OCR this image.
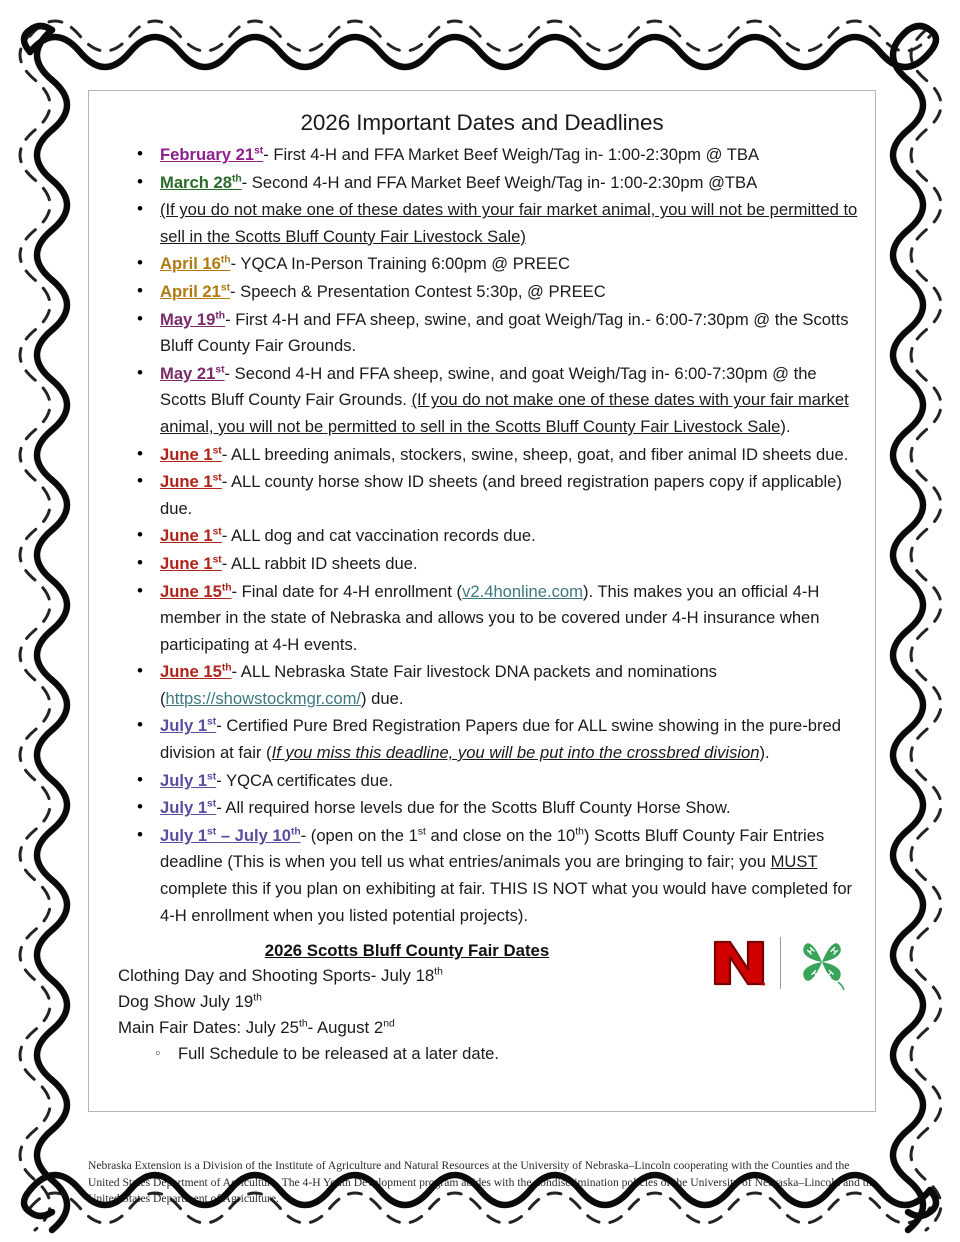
2026 Important Dates and Deadlines
• February 21st- First 4-H and FFA Market Beef Weigh/Tag in- 1:00-2:30pm @ TBA
• March 28th- Second 4-H and FFA Market Beef Weigh/Tag in- 1:00-2:30pm @TBA
• (If you do not make one of these dates with your fair market animal, you will not be permitted to sell in the Scotts Bluff County Fair Livestock Sale)
• April 16th- YQCA In-Person Training 6:00pm @ PREEC
• April 21st- Speech & Presentation Contest 5:30p, @ PREEC
• May 19th- First 4-H and FFA sheep, swine, and goat Weigh/Tag in.- 6:00-7:30pm @ the Scotts Bluff County Fair Grounds.
• May 21st- Second 4-H and FFA sheep, swine, and goat Weigh/Tag in- 6:00-7:30pm @ the Scotts Bluff County Fair Grounds. (If you do not make one of these dates with your fair market animal, you will not be permitted to sell in the Scotts Bluff County Fair Livestock Sale).
• June 1st- ALL breeding animals, stockers, swine, sheep, goat, and fiber animal ID sheets due.
• June 1st- ALL county horse show ID sheets (and breed registration papers copy if applicable) due.
• June 1st- ALL dog and cat vaccination records due.
• June 1st- ALL rabbit ID sheets due.
• June 15th- Final date for 4-H enrollment (v2.4honline.com). This makes you an official 4-H member in the state of Nebraska and allows you to be covered under 4-H insurance when participating at 4-H events.
• June 15th- ALL Nebraska State Fair livestock DNA packets and nominations (https://showstockmgr.com/) due.
• July 1st- Certified Pure Bred Registration Papers due for ALL swine showing in the pure-bred division at fair (If you miss this deadline, you will be put into the crossbred division).
• July 1st- YQCA certificates due.
• July 1st- All required horse levels due for the Scotts Bluff County Horse Show.
• July 1st – July 10th- (open on the 1st and close on the 10th) Scotts Bluff County Fair Entries deadline (This is when you tell us what entries/animals you are bringing to fair; you MUST complete this if you plan on exhibiting at fair. THIS IS NOT what you would have completed for 4-H enrollment when you listed potential projects).
H H
H H
2026 Scotts Bluff County Fair Dates
Clothing Day and Shooting Sports- July 18th
Dog Show July 19th
Main Fair Dates: July 25th- August 2nd
◦ Full Schedule to be released at a later date.
Nebraska Extension is a Division of the Institute of Agriculture and Natural Resources at the University of Nebraska–Lincoln cooperating with the Counties and the United States Department of Agriculture. The 4-H Youth Development program abides with the nondiscrimination policies of the University of Nebraska–Lincoln and the United States Department of Agriculture.
